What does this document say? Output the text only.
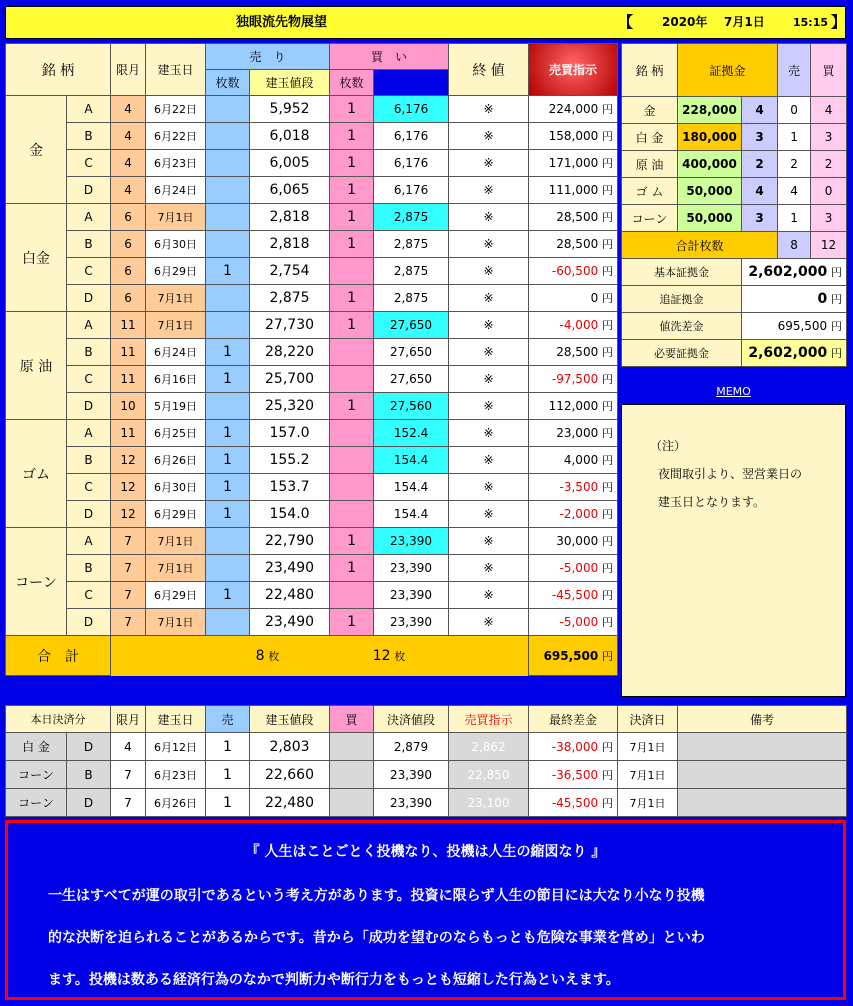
独眼流先物展望	【 2020年 7月1日	15:15 】
銘 柄		限月	建玉日	売　り		買　い		終 値	売買指示	
				枚数	建玉値段	枚数				
金	A	4	6月22日		5,952	1	6,176	※	224,000 円	
	B	4	6月22日		6,018	1	6,176	※	158,000 円	
	C	4	6月23日		6,005	1	6,176	※	171,000 円	
	D	4	6月24日		6,065	1	6,176	※	111,000 円	
白金	A	6	7月1日		2,818	1	2,875	※	28,500 円	
	B	6	6月30日		2,818	1	2,875	※	28,500 円	
	C	6	6月29日	1	2,754		2,875	※	-60,500 円	
	D	6	7月1日		2,875	1	2,875	※	0 円	
原 油	A	11	7月1日		27,730	1	27,650	※	-4,000 円	
	B	11	6月24日	1	28,220		27,650	※	28,500 円	
	C	11	6月16日	1	25,700		27,650	※	-97,500 円	
	D	10	5月19日		25,320	1	27,560	※	112,000 円	
ゴム	A	11	6月25日	1	157.0		152.4	※	23,000 円	
	B	12	6月26日	1	155.2		154.4	※	4,000 円	
	C	12	6月30日	1	153.7		154.4	※	-3,500 円	
	D	12	6月29日	1	154.0		154.4	※	-2,000 円	
コーン	A	7	7月1日		22,790	1	23,390	※	30,000 円	
	B	7	7月1日		23,490	1	23,390	※	-5,000 円	
	C	7	6月29日	1	22,480		23,390	※	-45,500 円	
	D	7	7月1日		23,490	1	23,390	※	-5,000 円	
合　計				8 枚		12 枚			695,500 円	
銘 柄	証拠金		売	買
金	228,000	4	0	4
白 金	180,000	3	1	3
原 油	400,000	2	2	2
ゴ ム	50,000	4	4	0
コーン	50,000	3	1	3
合計枚数			8	12
基本証拠金		2,602,000 円		
追証拠金		0 円		
値洗差金		695,500 円		
必要証拠金		2,602,000 円		
MEMO
（注）
夜間取引より、翌営業日の
建玉日となります。
本日決済分		限月	建玉日	売	建玉値段	買	決済値段	売買指示	最終差金	決済日	備考
白 金	D	4	6月12日	1	2,803		2,879	2,862	-38,000 円	7月1日	
コーン	B	7	6月23日	1	22,660		23,390	22,850	-36,500 円	7月1日	
コーン	D	7	6月26日	1	22,480		23,390	23,100	-45,500 円	7月1日	
『 人生はことごとく投機なり、投機は人生の縮図なり 』
一生はすべてが運の取引であるという考え方があります。投資に限らず人生の節目には大なり小なり投機
的な決断を迫られることがあるからです。昔から「成功を望むのならもっとも危険な事業を営め」といわ
ます。投機は数ある経済行為のなかで判断力や断行力をもっとも短縮した行為といえます。
